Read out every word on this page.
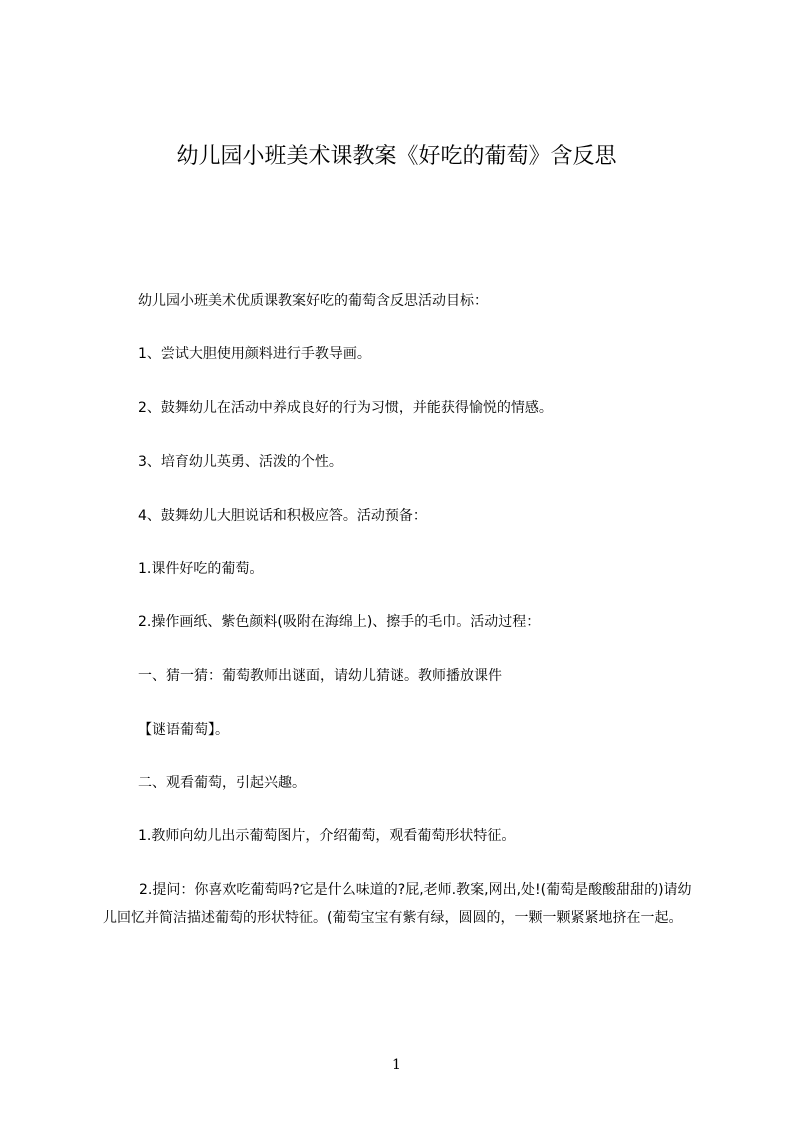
幼儿园小班美术课教案《好吃的葡萄》含反思
幼儿园小班美术优质课教案好吃的葡萄含反思活动目标：
1、尝试大胆使用颜料进行手教导画。
2、鼓舞幼儿在活动中养成良好的行为习惯，并能获得愉悦的情感。
3、培育幼儿英勇、活泼的个性。
4、鼓舞幼儿大胆说话和积极应答。活动预备：
1.课件好吃的葡萄。
2.操作画纸、紫色颜料(吸附在海绵上)、擦手的毛巾。活动过程：
一、猜一猜：葡萄教师出谜面，请幼儿猜谜。教师播放课件
【谜语葡萄】。
二、观看葡萄，引起兴趣。
1.教师向幼儿出示葡萄图片，介绍葡萄，观看葡萄形状特征。
2.提问：你喜欢吃葡萄吗?它是什么味道的?屁,老师.教案,网出,处!(葡萄是酸酸甜甜的)请幼儿回忆并简洁描述葡萄的形状特征。(葡萄宝宝有紫有绿，圆圆的，一颗一颗紧紧地挤在一起。
1
